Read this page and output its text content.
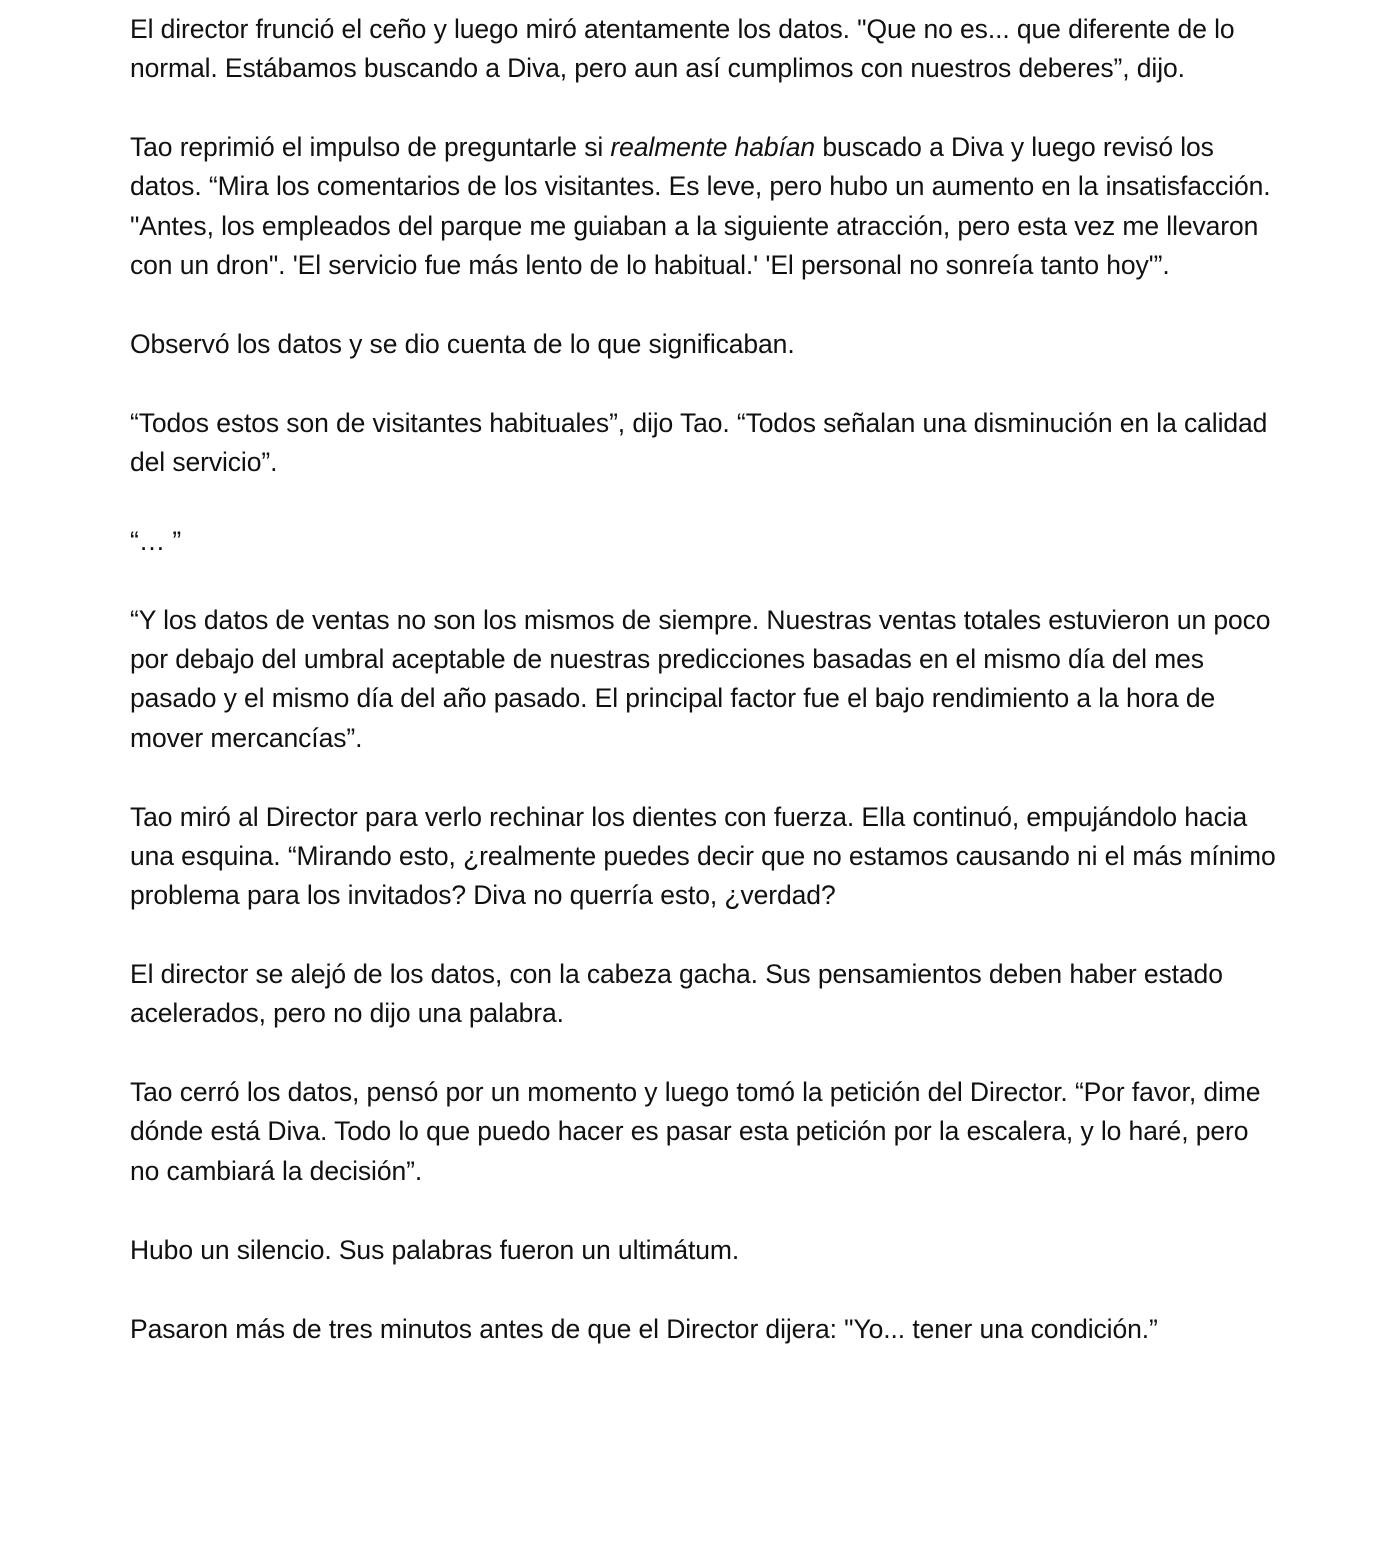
El director frunció el ceño y luego miró atentamente los datos. "Que no es... que diferente de lo normal. Estábamos buscando a Diva, pero aun así cumplimos con nuestros deberes”, dijo.

Tao reprimió el impulso de preguntarle si realmente habían buscado a Diva y luego revisó los datos. “Mira los comentarios de los visitantes. Es leve, pero hubo un aumento en la insatisfacción. "Antes, los empleados del parque me guiaban a la siguiente atracción, pero esta vez me llevaron con un dron". 'El servicio fue más lento de lo habitual.' 'El personal no sonreía tanto hoy'”.

Observó los datos y se dio cuenta de lo que significaban.

“Todos estos son de visitantes habituales”, dijo Tao. “Todos señalan una disminución en la calidad del servicio”.

“… ”

“Y los datos de ventas no son los mismos de siempre. Nuestras ventas totales estuvieron un poco por debajo del umbral aceptable de nuestras predicciones basadas en el mismo día del mes pasado y el mismo día del año pasado. El principal factor fue el bajo rendimiento a la hora de mover mercancías”.

Tao miró al Director para verlo rechinar los dientes con fuerza. Ella continuó, empujándolo hacia una esquina. “Mirando esto, ¿realmente puedes decir que no estamos causando ni el más mínimo problema para los invitados? Diva no querría esto, ¿verdad?

El director se alejó de los datos, con la cabeza gacha. Sus pensamientos deben haber estado acelerados, pero no dijo una palabra.

Tao cerró los datos, pensó por un momento y luego tomó la petición del Director. “Por favor, dime dónde está Diva. Todo lo que puedo hacer es pasar esta petición por la escalera, y lo haré, pero no cambiará la decisión”.

Hubo un silencio. Sus palabras fueron un ultimátum.

Pasaron más de tres minutos antes de que el Director dijera: "Yo... tener una condición.”
